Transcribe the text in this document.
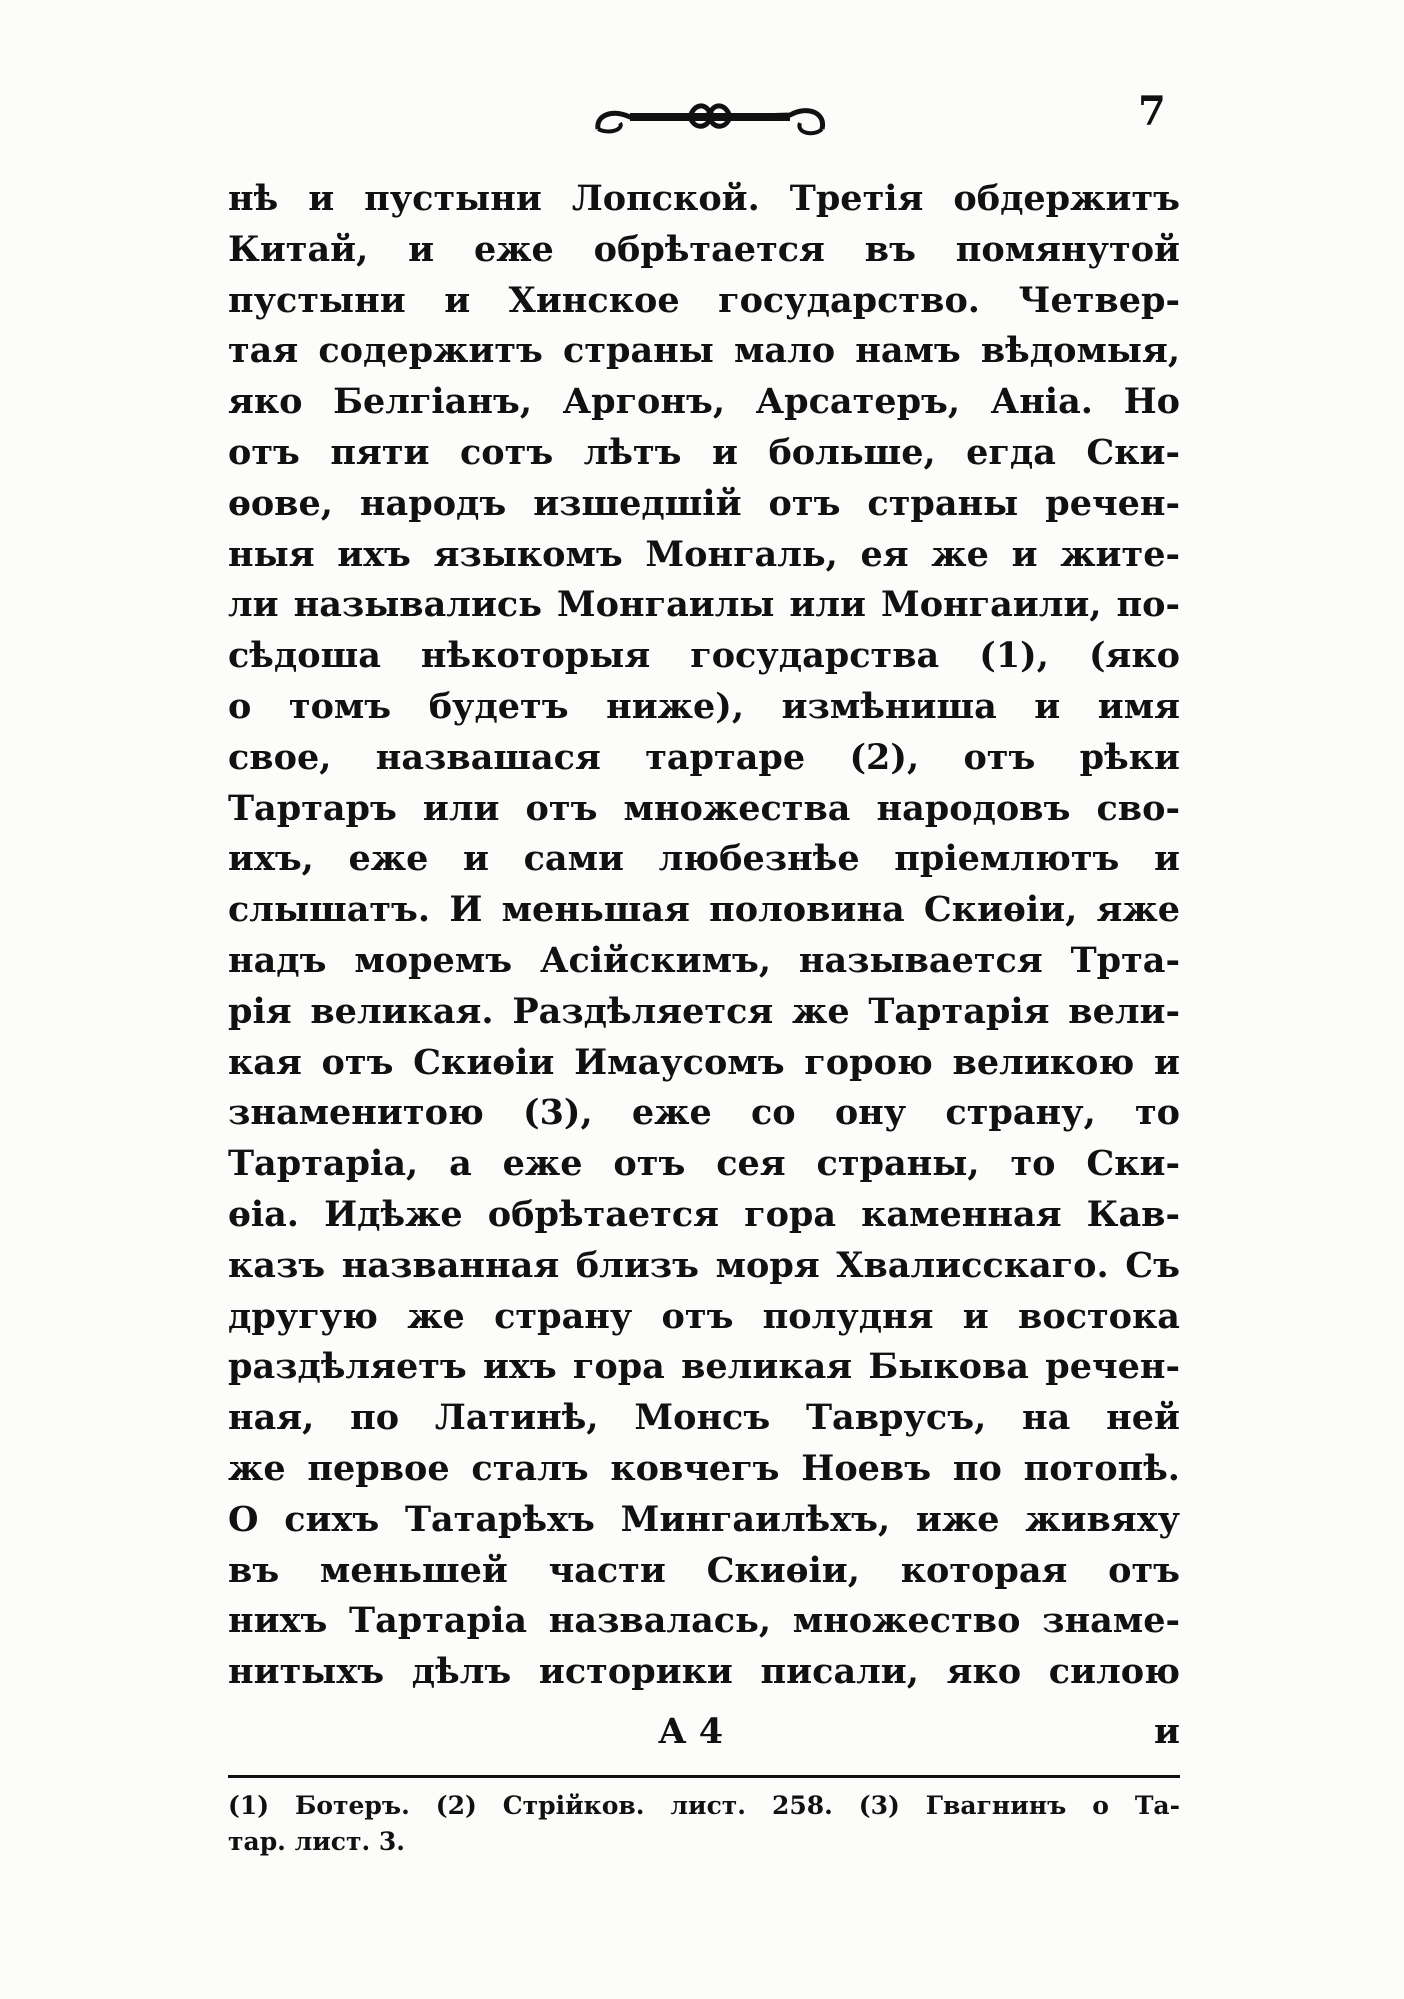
7
нѣ и пустыни Лопской. Третія обдержитъ
Китай, и еже обрѣтается въ помянутой
пустыни и Хинское государство. Четвер-
тая содержитъ страны мало намъ вѣдомыя,
яко Белгіанъ, Аргонъ, Арсатеръ, Аніа. Но
отъ пяти сотъ лѣтъ и больше, егда Ски-
ѳове, народъ изшедшій отъ страны речен-
ныя ихъ языкомъ Монгаль, ея же и жите-
ли назывались Монгаилы или Монгаили, по-
сѣдоша нѣкоторыя государства (1), (яко
о томъ будетъ ниже), измѣниша и имя
свое, назвашася тартаре (2), отъ рѣки
Тартаръ или отъ множества народовъ сво-
ихъ, еже и сами любезнѣе пріемлютъ и
слышатъ. И меньшая половина Скиѳіи, яже
надъ моремъ Асійскимъ, называется Трта-
рія великая. Раздѣляется же Тартарія вели-
кая отъ Скиѳіи Имаусомъ горою великою и
знаменитою (3), еже со ону страну, то
Тартаріа, а еже отъ сея страны, то Ски-
ѳіа. Идѣже обрѣтается гора каменная Кав-
казъ названная близъ моря Хвалисскаго. Съ
другую же страну отъ полудня и востока
раздѣляетъ ихъ гора великая Быкова речен-
ная, по Латинѣ, Монсъ Таврусъ, на ней
же первое сталъ ковчегъ Ноевъ по потопѣ.
О сихъ Татарѣхъ Мингаилѣхъ, иже живяху
въ меньшей части Скиѳіи, которая отъ
нихъ Тартаріа назвалась, множество знаме-
нитыхъ дѣлъ историки писали, яко силою
А 4	и
(1) Ботеръ. (2) Стрійков. лист. 258. (3) Гвагнинъ о Та-
тар. лист. 3.
